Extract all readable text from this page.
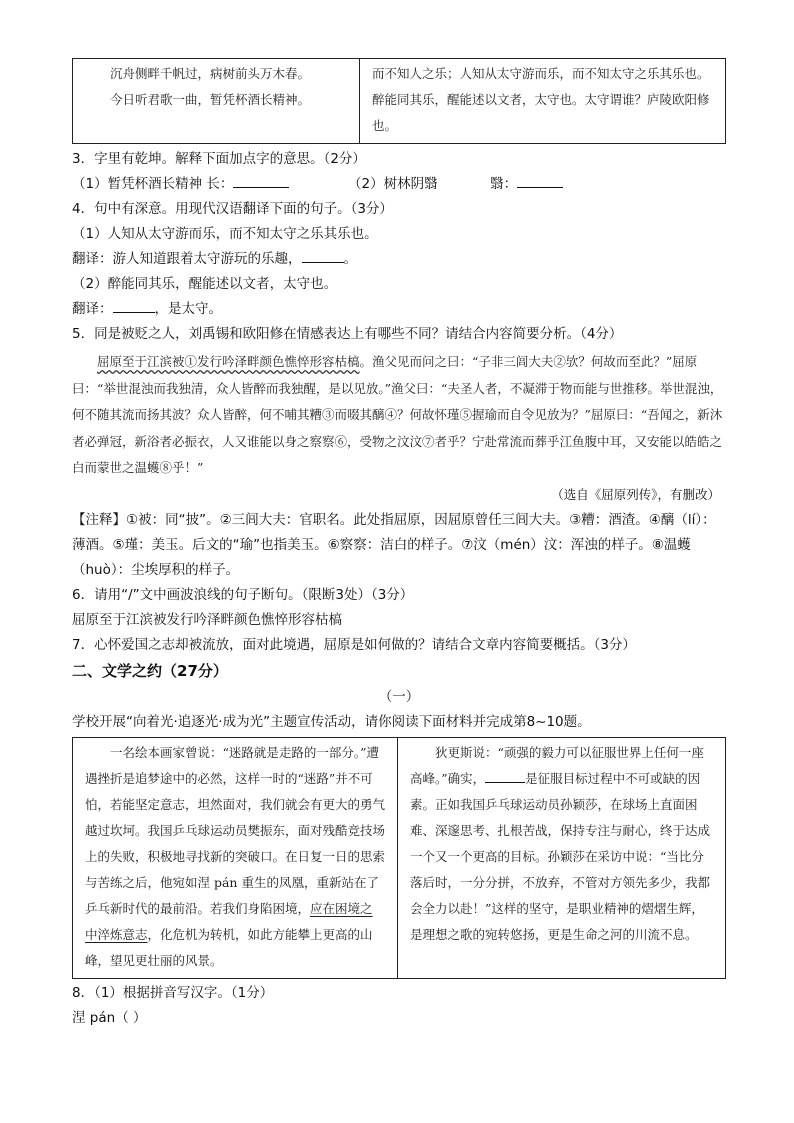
沉舟侧畔千帆过，病树前头万木春。

今日听君歌一曲，暂凭杯酒长精神。

而不知人之乐；人知从太守游而乐，而不知太守之乐其乐也。醉能同其乐，醒能述以文者，太守也。太守谓谁？庐陵欧阳修也。

3．字里有乾坤。解释下面加点字的意思。（2分）
（1）暂凭杯酒长精神 长：	（2）树林阴翳	翳：
4．句中有深意。用现代汉语翻译下面的句子。（3分）
（1）人知从太守游而乐，而不知太守之乐其乐也。
翻译：游人知道跟着太守游玩的乐趣，	。
（2）醉能同其乐，醒能述以文者，太守也。
翻译：	，是太守。
5．同是被贬之人，刘禹锡和欧阳修在情感表达上有哪些不同？请结合内容简要分析。（4分）

屈原至于江滨被①发行吟泽畔颜色憔悴形容枯槁。渔父见而问之曰：“子非三闾大夫②欤？何故而至此？”屈原曰：“举世混浊而我独清，众人皆醉而我独醒，是以见放。”渔父曰：“夫圣人者，不凝滞于物而能与世推移。举世混浊，何不随其流而扬其波？众人皆醉，何不哺其糟③而啜其醨④？何故怀瑾⑤握瑜而自令见放为？”屈原曰：“吾闻之，新沐者必弹冠，新浴者必振衣，人又谁能以身之察察⑥，受物之汶汶⑦者乎？宁赴常流而葬乎江鱼腹中耳，又安能以皓皓之白而蒙世之温蠖⑧乎！”

（选自《屈原列传》，有删改）
【注释】①被：同“披”。②三闾大夫：官职名。此处指屈原，因屈原曾任三闾大夫。③糟：酒渣。④醨（lí）：薄酒。⑤瑾：美玉。后文的“瑜”也指美玉。⑥察察：洁白的样子。⑦汶（mén）汶：浑浊的样子。⑧温蠖（huò）：尘埃厚积的样子。
6．请用“/”文中画波浪线的句子断句。（限断3处）（3分）
屈原至于江滨被发行吟泽畔颜色憔悴形容枯槁
7．心怀爱国之志却被流放，面对此境遇，屈原是如何做的？请结合文章内容简要概括。（3分）
二、文学之约（27分）
（一）
学校开展“向着光·追逐光·成为光”主题宣传活动，请你阅读下面材料并完成第8~10题。

一名绘本画家曾说：“迷路就是走路的一部分。”遭遇挫折是追梦途中的必然，这样一时的“迷路”并不可怕，若能坚定意志，坦然面对，我们就会有更大的勇气越过坎坷。我国乒乓球运动员樊振东，面对残酷竞技场上的失败，积极地寻找新的突破口。在日复一日的思索与苦练之后，他宛如涅 pán 重生的凤凰，重新站在了乒乓新时代的最前沿。若我们身陷困境，应在困境之中淬炼意志，化危机为转机，如此方能攀上更高的山峰，望见更壮丽的风景。

狄更斯说：“顽强的毅力可以征服世界上任何一座高峰。”确实，	是征服目标过程中不可或缺的因素。正如我国乒乓球运动员孙颖莎，在球场上直面困难、深邃思考、扎根苦战，保持专注与耐心，终于达成一个又一个更高的目标。孙颖莎在采访中说：“当比分落后时，一分分拼，不放弃，不管对方领先多少，我都会全力以赴！”这样的坚守，是职业精神的熠熠生辉，是理想之歌的宛转悠扬，更是生命之河的川流不息。

8．（1）根据拼音写汉字。（1分）
涅 pán（ ）
